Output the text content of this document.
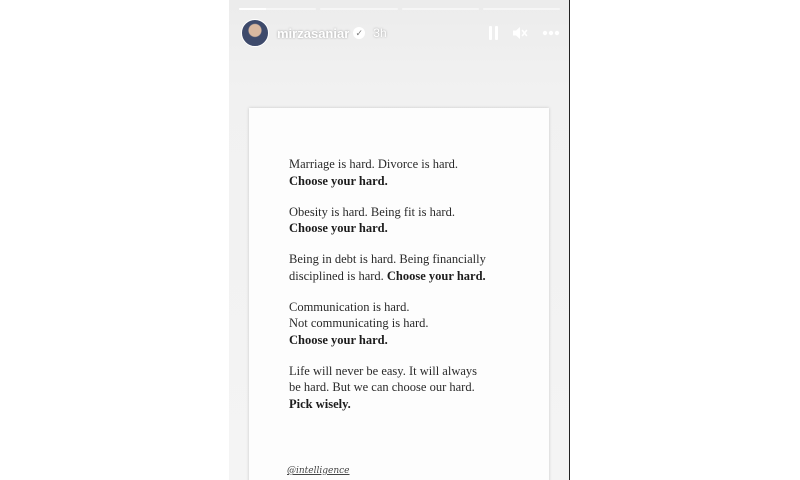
mirzasaniar ✓ 3h

Marriage is hard. Divorce is hard.
Choose your hard.

Obesity is hard. Being fit is hard.
Choose your hard.

Being in debt is hard. Being financially
disciplined is hard. Choose your hard.

Communication is hard.
Not communicating is hard.
Choose your hard.

Life will never be easy. It will always
be hard. But we can choose our hard.
Pick wisely.

@intelligence
